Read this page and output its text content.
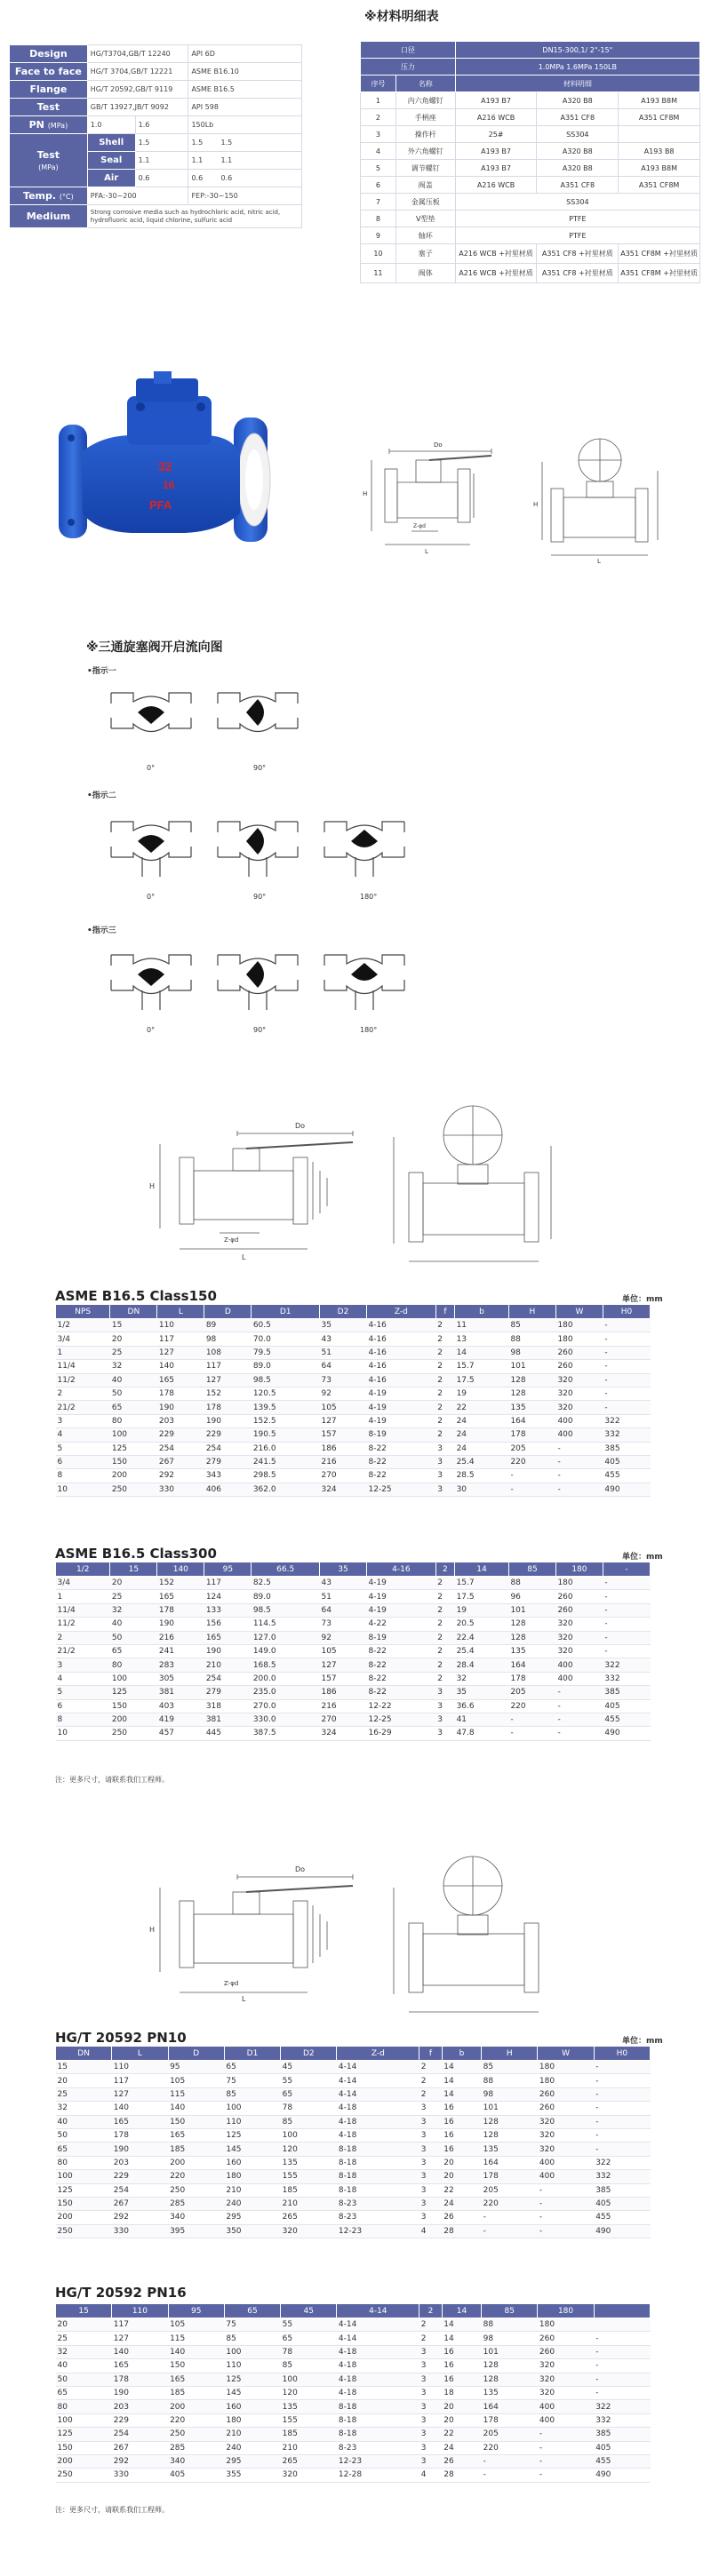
Design	HG/T3704,GB/T 12240	API 6D
Face to face	HG/T 3704,GB/T 12221	ASME B16.10
Flange	HG/T 20592,GB/T 9119	ASME B16.5
Test	GB/T 13927,JB/T 9092	API 598
PN (MPa)	1.0	1.6	150Lb

Test
(MPa)
	Shell	1.5	1.5	1.5
Seal	1.1	1.1	1.1
Air	0.6	0.6	0.6
Temp. (°C)	PFA:-30~200	FEP:-30~150
Medium	Strong corrosive media such as hydrochloric acid, nitric acid, hydrofluoric acid, liquid chlorine, sulfuric acid
※材料明细表
口径		DN15-300,1/ 2"-15"		
压力		1.0MPa 1.6MPa 150LB		
序号	名称	材料明细		
1	内六角螺钉	A193 B7	A320 B8	A193 B8M
2	手柄座	A216 WCB	A351 CF8	A351 CF8M
3	操作杆	25#	SS304	
4	外六角螺钉	A193 B7	A320 B8	A193 B8
5	调节螺钉	A193 B7	A320 B8	A193 B8M
6	阀盖	A216 WCB	A351 CF8	A351 CF8M
7	金属压板	SS304		
8	V型垫	PTFE		
9	轴环	PTFE		
10	塞子	A216 WCB +衬里材质	A351 CF8 +衬里材质	A351 CF8M +衬里材质
11	阀体	A216 WCB +衬里材质	A351 CF8 +衬里材质	A351 CF8M +衬里材质
32
16
PFA
Do
H
L
Z-φd
H
L
※三通旋塞阀开启流向图
•指示一
•指示二
•指示三
0°	90°
0°	90°	180°
0°	90°	180°
Do
H
L
Z-φd
ASME B16.5 Class150	单位：mm
NPS	DN	L	D	D1	D2	Z-d	f	b	H	W	H0
1/2	15	110	89	60.5	35	4-16	2	11	85	180	-
3/4	20	117	98	70.0	43	4-16	2	13	88	180	-
1	25	127	108	79.5	51	4-16	2	14	98	260	-
11/4	32	140	117	89.0	64	4-16	2	15.7	101	260	-
11/2	40	165	127	98.5	73	4-16	2	17.5	128	320	-
2	50	178	152	120.5	92	4-19	2	19	128	320	-
21/2	65	190	178	139.5	105	4-19	2	22	135	320	-
3	80	203	190	152.5	127	4-19	2	24	164	400	322
4	100	229	229	190.5	157	8-19	2	24	178	400	332
5	125	254	254	216.0	186	8-22	3	24	205	-	385
6	150	267	279	241.5	216	8-22	3	25.4	220	-	405
8	200	292	343	298.5	270	8-22	3	28.5	-	-	455
10	250	330	406	362.0	324	12-25	3	30	-	-	490
ASME B16.5 Class300	单位：mm
1/2	15	140	95	66.5	35	4-16	2	14	85	180	-
3/4	20	152	117	82.5	43	4-19	2	15.7	88	180	-
1	25	165	124	89.0	51	4-19	2	17.5	96	260	-
11/4	32	178	133	98.5	64	4-19	2	19	101	260	-
11/2	40	190	156	114.5	73	4-22	2	20.5	128	320	-
2	50	216	165	127.0	92	8-19	2	22.4	128	320	-
21/2	65	241	190	149.0	105	8-22	2	25.4	135	320	-
3	80	283	210	168.5	127	8-22	2	28.4	164	400	322
4	100	305	254	200.0	157	8-22	2	32	178	400	332
5	125	381	279	235.0	186	8-22	3	35	205	-	385
6	150	403	318	270.0	216	12-22	3	36.6	220	-	405
8	200	419	381	330.0	270	12-25	3	41	-	-	455
10	250	457	445	387.5	324	16-29	3	47.8	-	-	490
注：更多尺寸，请联系我们工程师。
Do
H
L
Z-φd
HG/T 20592 PN10	单位：mm
DN	L	D	D1	D2	Z-d	f	b	H	W	H0
15	110	95	65	45	4-14	2	14	85	180	-
20	117	105	75	55	4-14	2	14	88	180	-
25	127	115	85	65	4-14	2	14	98	260	-
32	140	140	100	78	4-18	3	16	101	260	-
40	165	150	110	85	4-18	3	16	128	320	-
50	178	165	125	100	4-18	3	16	128	320	-
65	190	185	145	120	8-18	3	16	135	320	-
80	203	200	160	135	8-18	3	20	164	400	322
100	229	220	180	155	8-18	3	20	178	400	332
125	254	250	210	185	8-18	3	22	205	-	385
150	267	285	240	210	8-23	3	24	220	-	405
200	292	340	295	265	8-23	3	26	-	-	455
250	330	395	350	320	12-23	4	28	-	-	490
HG/T 20592 PN16
15	110	95	65	45	4-14	2	14	85	180	
20	117	105	75	55	4-14	2	14	88	180	
25	127	115	85	65	4-14	2	14	98	260	-
32	140	140	100	78	4-18	3	16	101	260	-
40	165	150	110	85	4-18	3	16	128	320	-
50	178	165	125	100	4-18	3	16	128	320	-
65	190	185	145	120	4-18	3	18	135	320	-
80	203	200	160	135	8-18	3	20	164	400	322
100	229	220	180	155	8-18	3	20	178	400	332
125	254	250	210	185	8-18	3	22	205	-	385
150	267	285	240	210	8-23	3	24	220	-	405
200	292	340	295	265	12-23	3	26	-	-	455
250	330	405	355	320	12-28	4	28	-	-	490
注：更多尺寸，请联系我们工程师。
